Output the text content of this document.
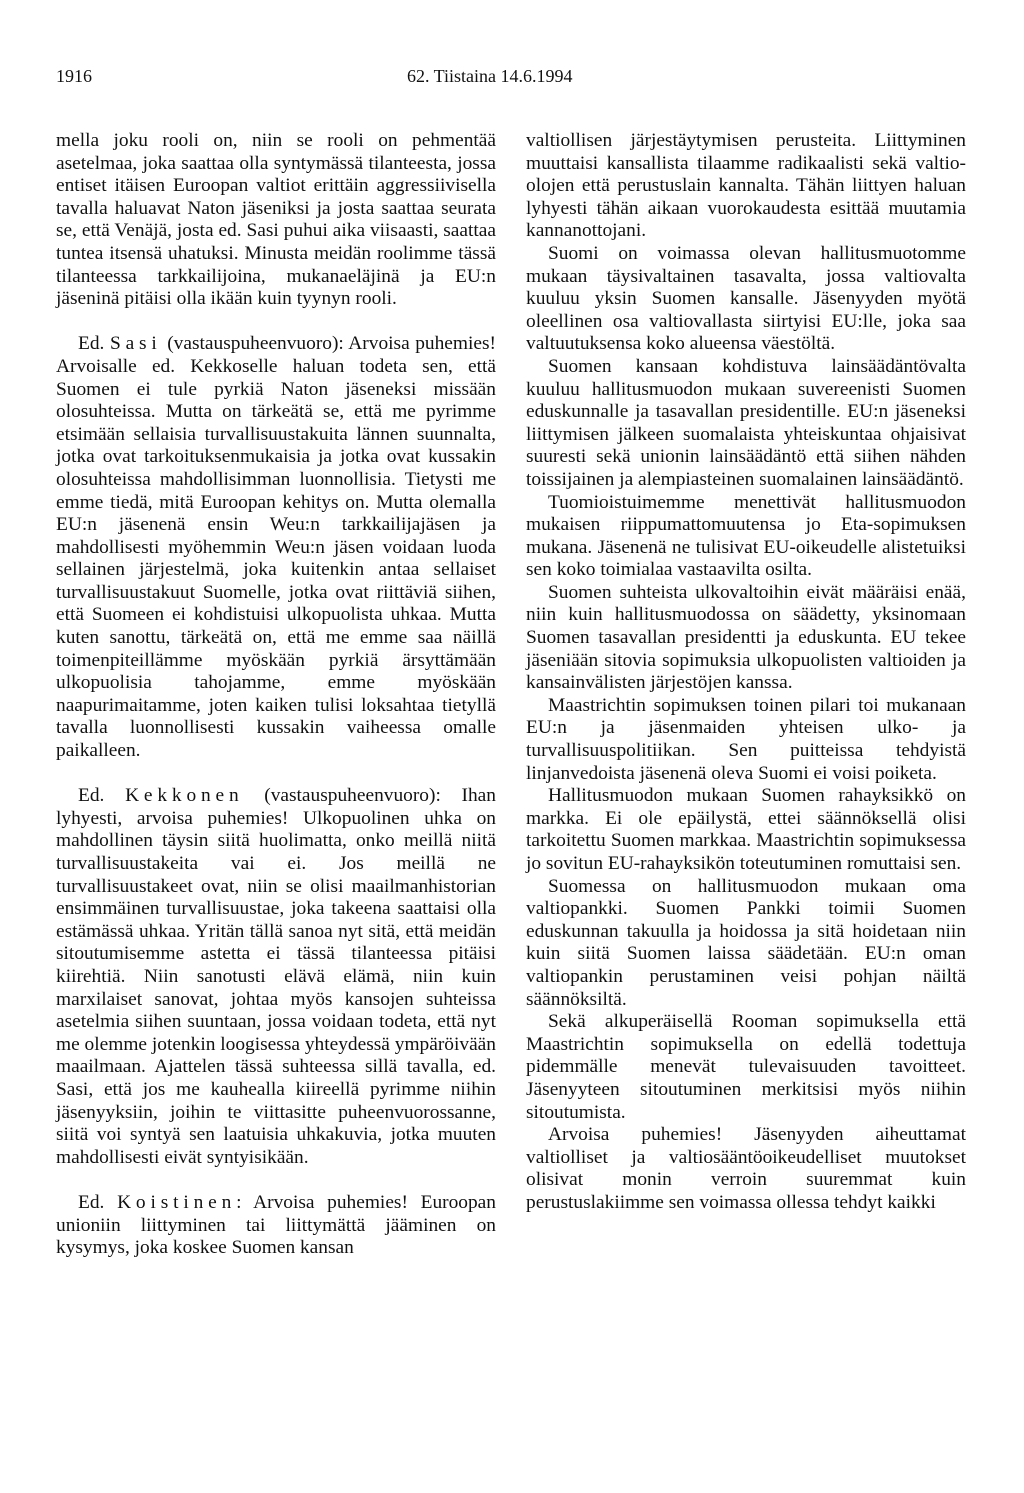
1916	62. Tiistaina 14.6.1994

mella joku rooli on, niin se rooli on pehmentää asetelmaa, joka saattaa olla syntymässä tilanteesta, jossa entiset itäisen Euroopan valtiot erittäin aggressiivisella tavalla haluavat Naton jäseniksi ja josta saattaa seurata se, että Venäjä, josta ed. Sasi puhui aika viisaasti, saattaa tuntea itsensä uhatuksi. Minusta meidän roolimme tässä tilanteessa tarkkailijoina, mukanaeläjinä ja EU:n jäseninä pitäisi olla ikään kuin tyynyn rooli.

Ed. Sasi (vastauspuheenvuoro): Arvoisa puhemies! Arvoisalle ed. Kekkoselle haluan todeta sen, että Suomen ei tule pyrkiä Naton jäseneksi missään olosuhteissa. Mutta on tärkeätä se, että me pyrimme etsimään sellaisia turvallisuustakuita lännen suunnalta, jotka ovat tarkoituksenmukaisia ja jotka ovat kussakin olosuhteissa mahdollisimman luonnollisia. Tietysti me emme tiedä, mitä Euroopan kehitys on. Mutta olemalla EU:n jäsenenä ensin Weu:n tarkkailijajäsen ja mahdollisesti myöhemmin Weu:n jäsen voidaan luoda sellainen järjestelmä, joka kuitenkin antaa sellaiset turvallisuustakuut Suomelle, jotka ovat riittäviä siihen, että Suomeen ei kohdistuisi ulkopuolista uhkaa. Mutta kuten sanottu, tärkeätä on, että me emme saa näillä toimenpiteillämme myöskään pyrkiä ärsyttämään ulkopuolisia tahojamme, emme myöskään naapurimaitamme, joten kaiken tulisi loksahtaa tietyllä tavalla luonnollisesti kussakin vaiheessa omalle paikalleen.

Ed. Kekkonen (vastauspuheenvuoro): Ihan lyhyesti, arvoisa puhemies! Ulkopuolinen uhka on mahdollinen täysin siitä huolimatta, onko meillä niitä turvallisuustakeita vai ei. Jos meillä ne turvallisuustakeet ovat, niin se olisi maailmanhistorian ensimmäinen turvallisuustae, joka takeena saattaisi olla estämässä uhkaa. Yritän tällä sanoa nyt sitä, että meidän sitoutumisemme astetta ei tässä tilanteessa pitäisi kiirehtiä. Niin sanotusti elävä elämä, niin kuin marxilaiset sanovat, johtaa myös kansojen suhteissa asetelmia siihen suuntaan, jossa voidaan todeta, että nyt me olemme jotenkin loogisessa yhteydessä ympäröivään maailmaan. Ajattelen tässä suhteessa sillä tavalla, ed. Sasi, että jos me kauhealla kiireellä pyrimme niihin jäsenyyksiin, joihin te viittasitte puheenvuorossanne, siitä voi syntyä sen laatuisia uhkakuvia, jotka muuten mahdollisesti eivät syntyisikään.

Ed. Koistinen: Arvoisa puhemies! Euroopan unioniin liittyminen tai liittymättä jääminen on kysymys, joka koskee Suomen kansan

valtiollisen järjestäytymisen perusteita. Liittyminen muuttaisi kansallista tilaamme radikaalisti sekä valtio-olojen että perustuslain kannalta. Tähän liittyen haluan lyhyesti tähän aikaan vuorokaudesta esittää muutamia kannanottojani.

Suomi on voimassa olevan hallitusmuotomme mukaan täysivaltainen tasavalta, jossa valtiovalta kuuluu yksin Suomen kansalle. Jäsenyyden myötä oleellinen osa valtiovallasta siirtyisi EU:lle, joka saa valtuutuksensa koko alueensa väestöltä.

Suomen kansaan kohdistuva lainsäädäntövalta kuuluu hallitusmuodon mukaan suvereenisti Suomen eduskunnalle ja tasavallan presidentille. EU:n jäseneksi liittymisen jälkeen suomalaista yhteiskuntaa ohjaisivat suuresti sekä unionin lainsäädäntö että siihen nähden toissijainen ja alempiasteinen suomalainen lainsäädäntö.

Tuomioistuimemme menettivät hallitusmuodon mukaisen riippumattomuutensa jo Eta-sopimuksen mukana. Jäsenenä ne tulisivat EU-oikeudelle alistetuiksi sen koko toimialaa vastaavilta osilta.

Suomen suhteista ulkovaltoihin eivät määräisi enää, niin kuin hallitusmuodossa on säädetty, yksinomaan Suomen tasavallan presidentti ja eduskunta. EU tekee jäseniään sitovia sopimuksia ulkopuolisten valtioiden ja kansainvälisten järjestöjen kanssa.

Maastrichtin sopimuksen toinen pilari toi mukanaan EU:n ja jäsenmaiden yhteisen ulko- ja turvallisuuspolitiikan. Sen puitteissa tehdyistä linjanvedoista jäsenenä oleva Suomi ei voisi poiketa.

Hallitusmuodon mukaan Suomen rahayksikkö on markka. Ei ole epäilystä, ettei säännöksellä olisi tarkoitettu Suomen markkaa. Maastrichtin sopimuksessa jo sovitun EU-rahayksikön toteutuminen romuttaisi sen.

Suomessa on hallitusmuodon mukaan oma valtiopankki. Suomen Pankki toimii Suomen eduskunnan takuulla ja hoidossa ja sitä hoidetaan niin kuin siitä Suomen laissa säädetään. EU:n oman valtiopankin perustaminen veisi pohjan näiltä säännöksiltä.

Sekä alkuperäisellä Rooman sopimuksella että Maastrichtin sopimuksella on edellä todettuja pidemmälle menevät tulevaisuuden tavoitteet. Jäsenyyteen sitoutuminen merkitsisi myös niihin sitoutumista.

Arvoisa puhemies! Jäsenyyden aiheuttamat valtiolliset ja valtiosääntöoikeudelliset muutokset olisivat monin verroin suuremmat kuin perustuslakiimme sen voimassa ollessa tehdyt kaikki
